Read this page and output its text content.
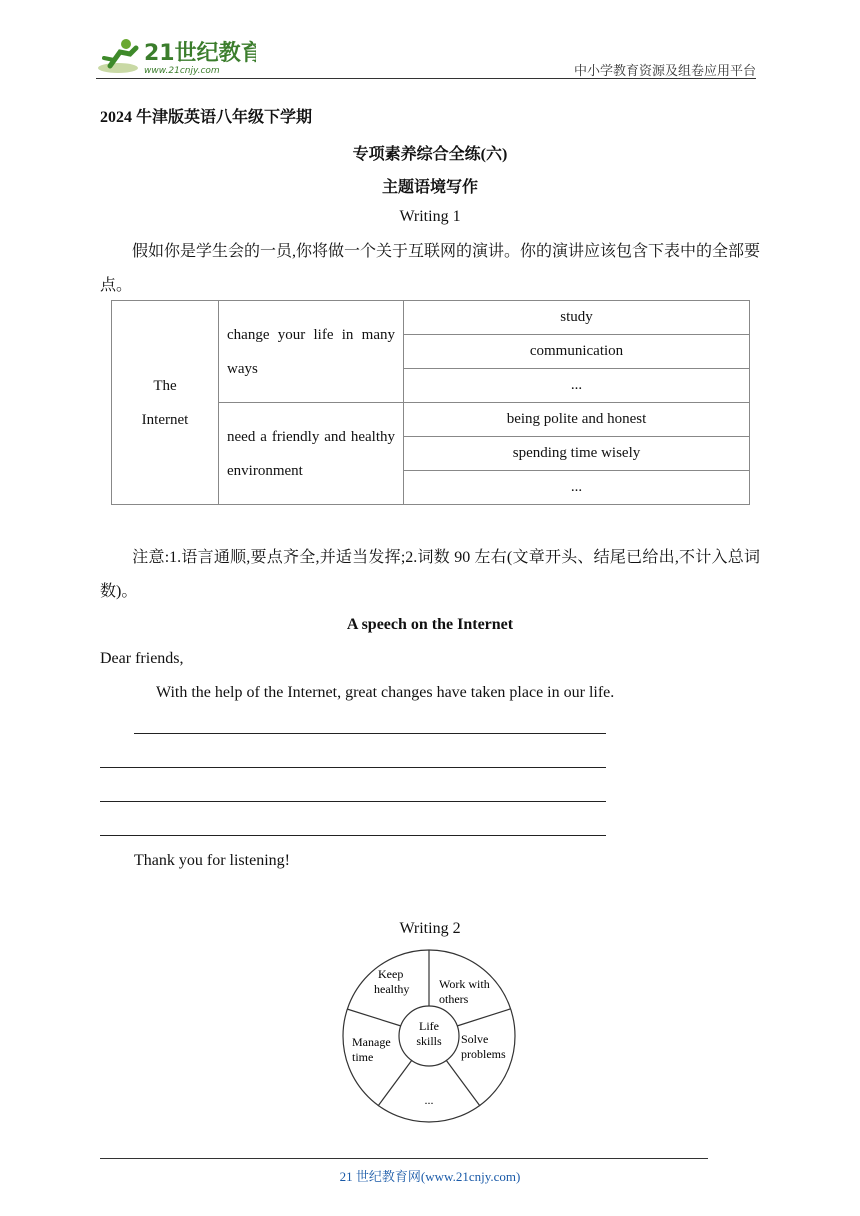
21世纪教育
www.21cnjy.com	中小学教育资源及组卷应用平台
2024 牛津版英语八年级下学期
专项素养综合全练(六)
主题语境写作
Writing 1
假如你是学生会的一员,你将做一个关于互联网的演讲。你的演讲应该包含下表中的全部要点。
The
Internet	change your life in many ways	study
		communication
		...
	need a friendly and healthy environment	being polite and honest
		spending time wisely
		...
注意:1.语言通顺,要点齐全,并适当发挥;2.词数 90 左右(文章开头、结尾已给出,不计入总词数)。
A speech on the Internet
Dear friends,
With the help of the Internet, great changes have taken place in our life.
Thank you for listening!
Writing 2
Life
skills
Keep
healthy Work with
others
Solve
problems
...
Manage
time
21 世纪教育网(www.21cnjy.com)
